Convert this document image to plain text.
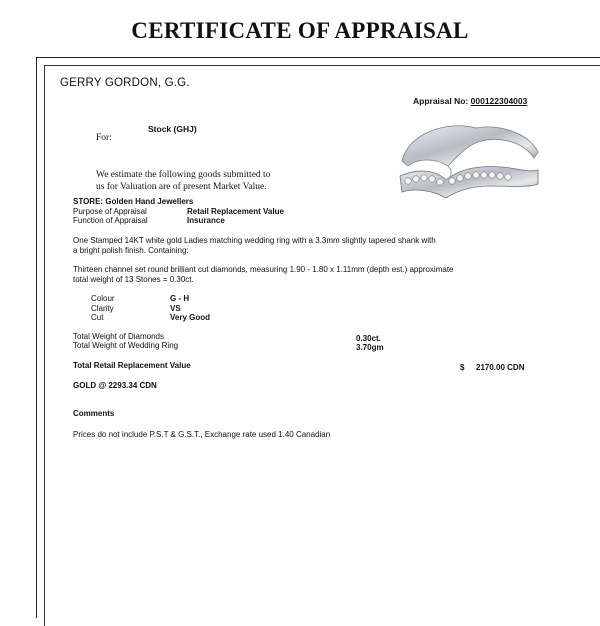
CERTIFICATE OF APPRAISAL
GERRY GORDON, G.G.
Appraisal No: 000122304003
For:
Stock (GHJ)
We estimate the following goods submitted to
us for Valuation are of present Market Value.
STORE: Golden Hand Jewellers
Purpose of Appraisal	Retail Replacement Value
Function of Appraisal	Insurance
One Stamped 14KT white gold Ladies matching wedding ring with a 3.3mm slightly tapered shank with
a bright polish finish. Containing:
Thirteen channel set round brilliant cut diamonds, measuring 1.90 - 1.80 x 1.11mm (depth est.) approximate
total weight of 13 Stones = 0.30ct.
Colour	G - H
Clarity	VS
Cut	Very Good
Total Weight of Diamonds	0.30ct.
Total Weight of Wedding Ring	3.70gm
Total Retail Replacement Value	$ 2170.00 CDN
GOLD @ 2293.34 CDN
Comments
Prices do not include P.S.T & G.S.T., Exchange rate used 1.40 Canadian
